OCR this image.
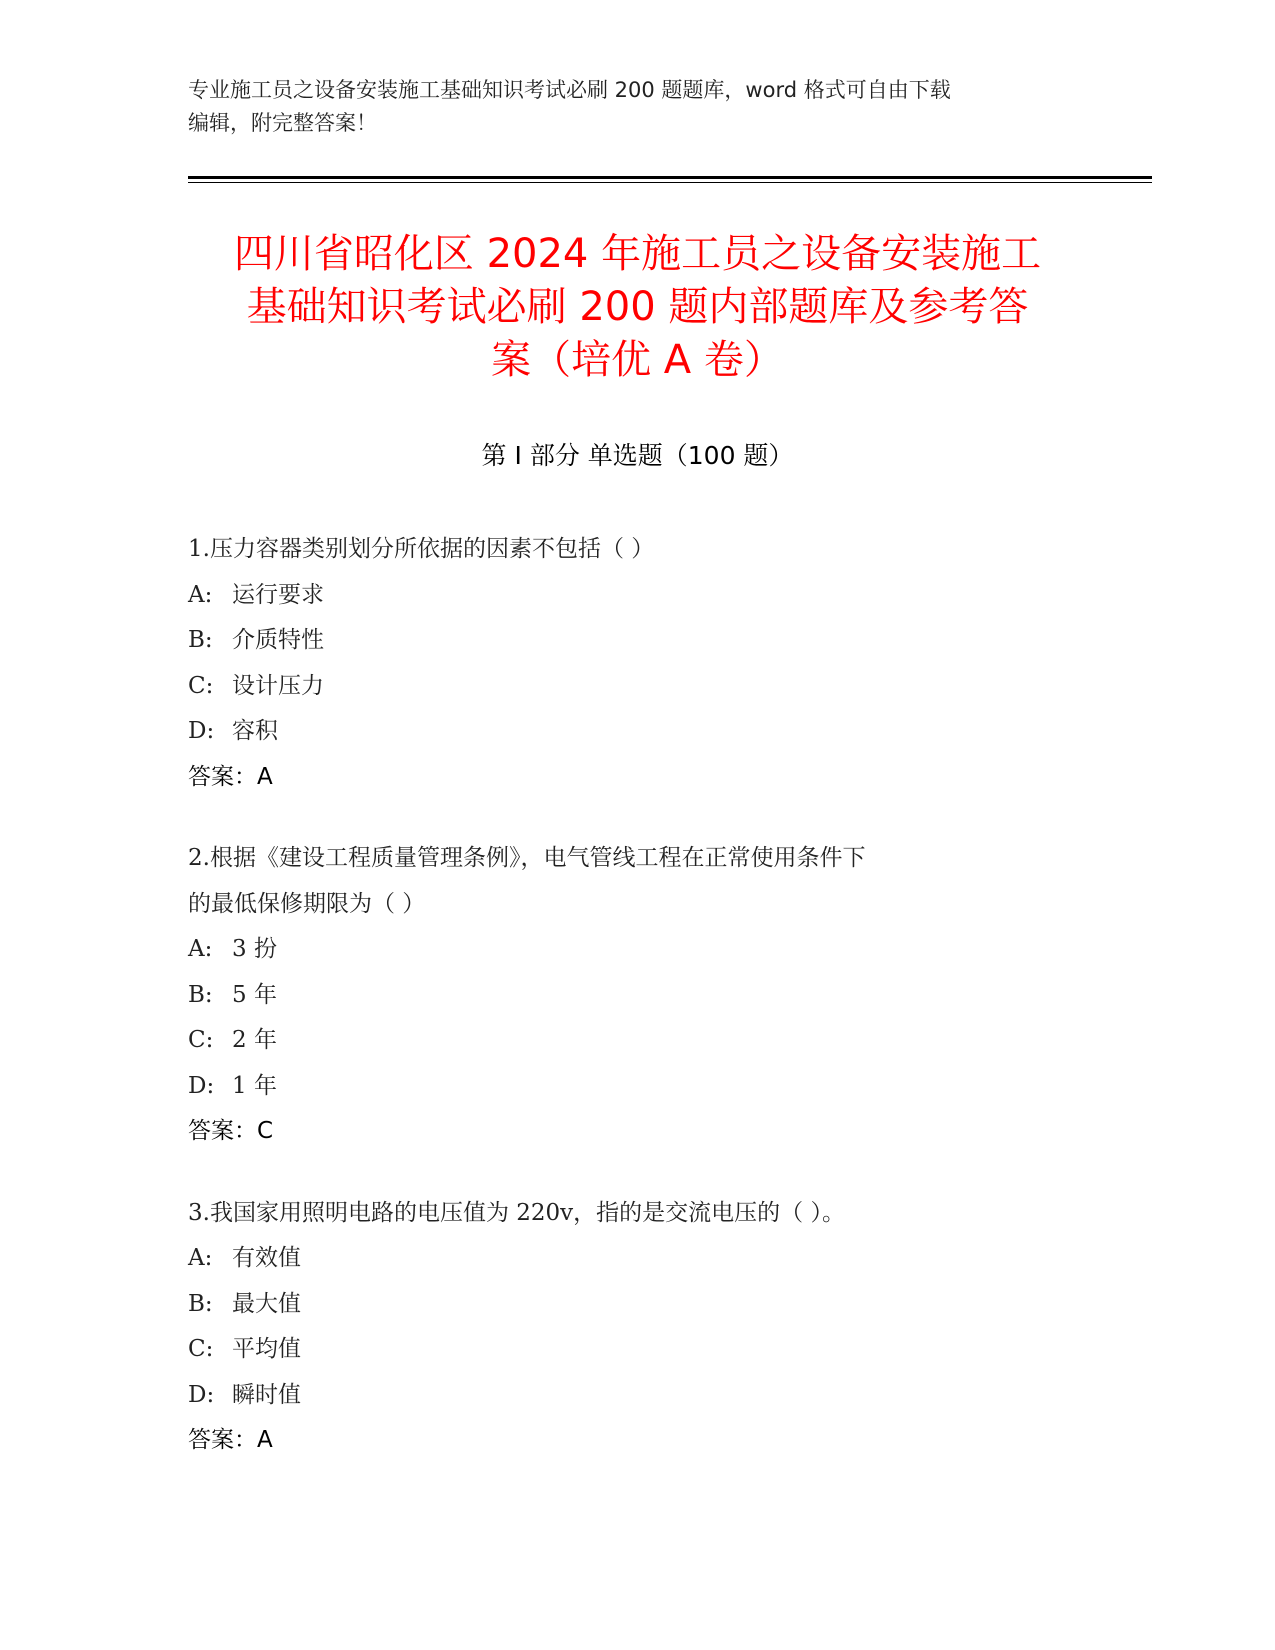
专业施工员之设备安装施工基础知识考试必刷 200 题题库，word 格式可自由下载
编辑，附完整答案！
四川省昭化区 2024 年施工员之设备安装施工
基础知识考试必刷 200 题内部题库及参考答
案（培优 A 卷）
第 I 部分 单选题（100 题）
1.压力容器类别划分所依据的因素不包括（ ）
A: 运行要求
B: 介质特性
C: 设计压力
D: 容积
答案：A
2.根据《建设工程质量管理条例》，电气管线工程在正常使用条件下
的最低保修期限为（ ）
A: 3 扮
B: 5 年
C: 2 年
D: 1 年
答案：C
3.我国家用照明电路的电压值为 220v，指的是交流电压的（ ）。
A: 有效值
B: 最大值
C: 平均值
D: 瞬时值
答案：A
